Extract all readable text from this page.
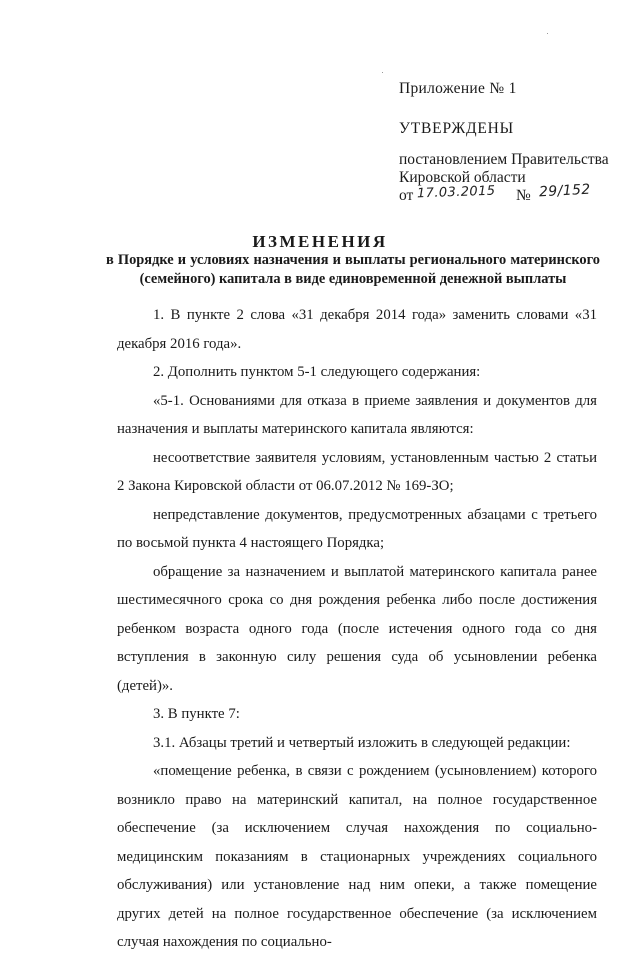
Приложение № 1
УТВЕРЖДЕНЫ
постановлением Правительства
Кировской области
от 17.03.2015 № 29/152
ИЗМЕНЕНИЯ
в Порядке и условиях назначения и выплаты регионального материнского (семейного) капитала в виде единовременной денежной выплаты

1. В пункте 2 слова «31 декабря 2014 года» заменить словами «31 декабря 2016 года».

2. Дополнить пунктом 5-1 следующего содержания:

«5-1. Основаниями для отказа в приеме заявления и документов для назначения и выплаты материнского капитала являются:

несоответствие заявителя условиям, установленным частью 2 статьи 2 Закона Кировской области от 06.07.2012 № 169-ЗО;

непредставление документов, предусмотренных абзацами с третьего по восьмой пункта 4 настоящего Порядка;

обращение за назначением и выплатой материнского капитала ранее шестимесячного срока со дня рождения ребенка либо после достижения ребенком возраста одного года (после истечения одного года со дня вступления в законную силу решения суда об усыновлении ребенка (детей)».

3. В пункте 7:

3.1. Абзацы третий и четвертый изложить в следующей редакции:

«помещение ребенка, в связи с рождением (усыновлением) которого возникло право на материнский капитал, на полное государственное обеспечение (за исключением случая нахождения по социально-медицинским показаниям в стационарных учреждениях социального обслуживания) или установление над ним опеки, а также помещение других детей на полное государственное обеспечение (за исключением случая нахождения по социально-
